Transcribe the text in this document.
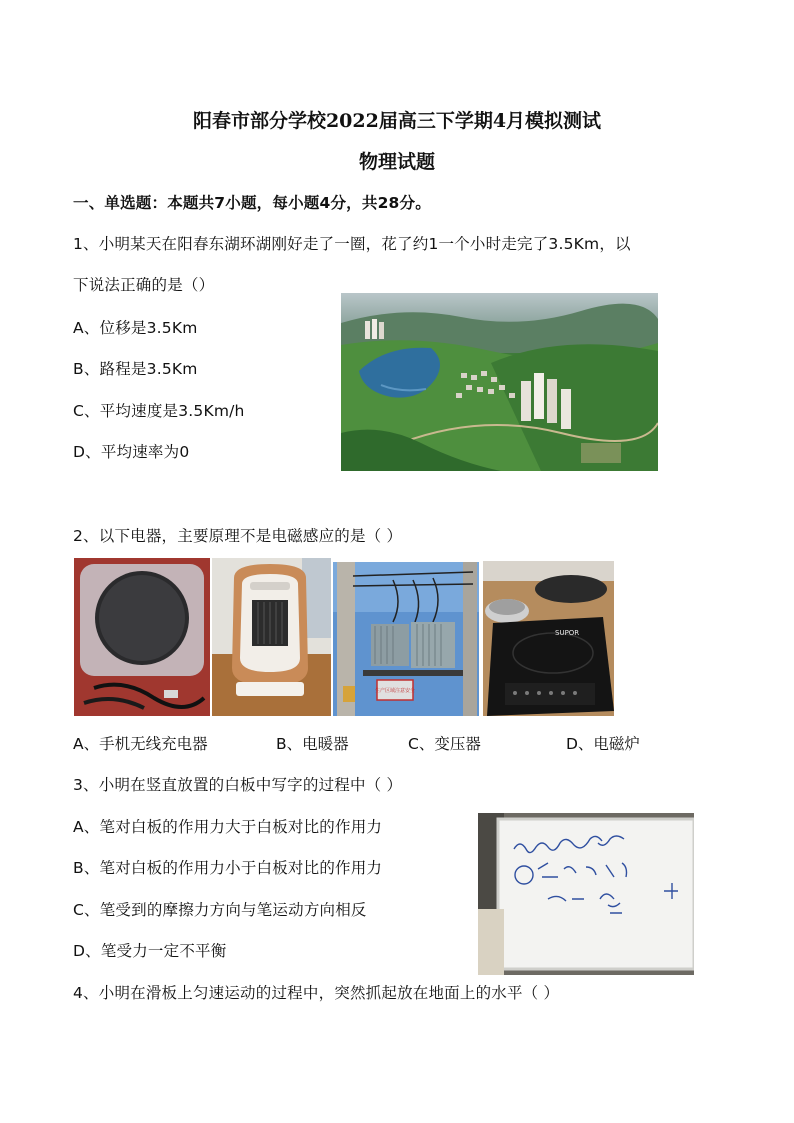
阳春市部分学校2022届高三下学期4月模拟测试
物理试题
一、单选题：本题共7小题，每小题4分，共28分。
1、小明某天在阳春东湖环湖刚好走了一圈，花了约1一个小时走完了3.5Km，以
下说法正确的是（）
A、位移是3.5Km
B、路程是3.5Km
C、平均速度是3.5Km/h
D、平均速率为0
2、以下电器，主要原理不是电磁感应的是（ ）
生产区域注意安全
SUPOR
A、手机无线充电器	B、电暖器	C、变压器	D、电磁炉
3、小明在竖直放置的白板中写字的过程中（ ）
A、笔对白板的作用力大于白板对比的作用力
B、笔对白板的作用力小于白板对比的作用力
C、笔受到的摩擦力方向与笔运动方向相反
D、笔受力一定不平衡
4、小明在滑板上匀速运动的过程中，突然抓起放在地面上的水平（ ）
